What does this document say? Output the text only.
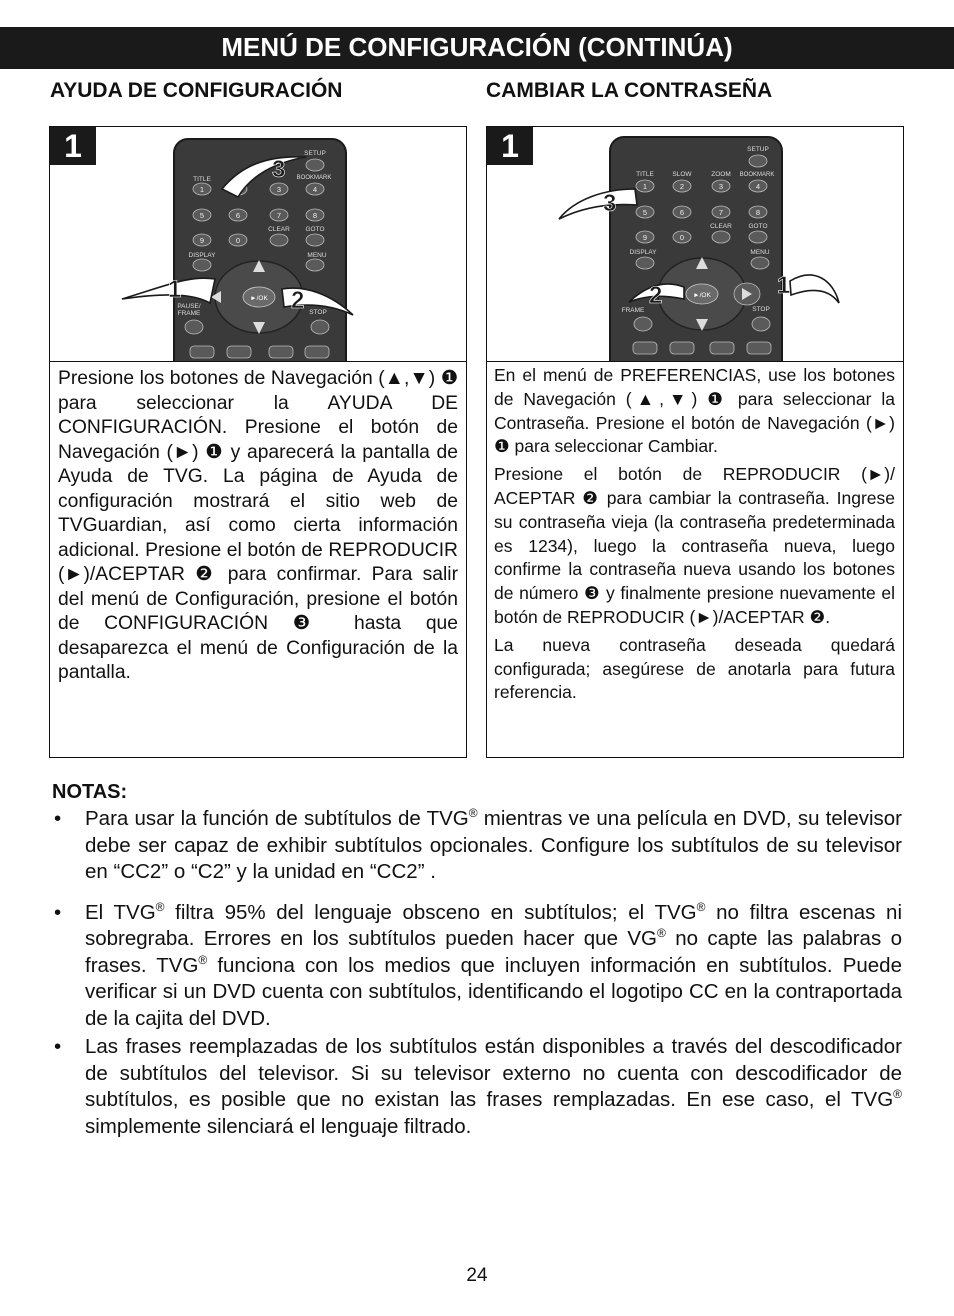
MENÚ DE CONFIGURACIÓN (CONTINÚA)
AYUDA DE CONFIGURACIÓN	CAMBIAR LA CONTRASEÑA
SETUP
TITLE	BOOKMARK
1	3	4
5	6	7	8
9	0
CLEAR GOTO
DISPLAY	MENU
►/OK
PAUSE/
FRAME	STOP
1	2
3
1
Presione los botones de Navegación (▲,▼) ❶ para seleccionar la AYUDA DE CONFIGURACIÓN. Presione el botón de Navegación (►) ❶ y aparecerá la pantalla de Ayuda de TVG. La página de Ayuda de configuración mostrará el sitio web de TVGuardian, así como cierta información adicional. Presione el botón de REPRODUCIR (►)/ACEPTAR ❷ para confirmar. Para salir del menú de Configuración, presione el botón de CONFIGURACIÓN ❸ hasta que desaparezca el menú de Configuración de la pantalla.
SETUP
TITLE	SLOW	ZOOM BOOKMARK
1	2	3	4
5	6	7	8
9	0
CLEAR	GOTO
DISPLAY	MENU
►/OK
FRAME	STOP
1
2
3
1

En el menú de PREFERENCIAS, use los botones de Navegación (▲,▼) ❶ para seleccionar la Contraseña. Presione el botón de Navegación (►) ❶ para seleccionar Cambiar.

Presione el botón de REPRODUCIR (►)/ ACEPTAR ❷ para cambiar la contraseña. Ingrese su contraseña vieja (la contraseña predeterminada es 1234), luego la contraseña nueva, luego confirme la contraseña nueva usando los botones de número ❸ y finalmente presione nuevamente el botón de REPRODUCIR (►)/ACEPTAR ❷.

La nueva contraseña deseada quedará configurada; asegúrese de anotarla para futura referencia.

NOTAS:
• Para usar la función de subtítulos de TVG® mientras ve una película en DVD, su televisor debe ser capaz de exhibir subtítulos opcionales. Configure los subtítulos de su televisor en “CC2” o “C2” y la unidad en “CC2” .
• El TVG® filtra 95% del lenguaje obsceno en subtítulos; el TVG® no filtra escenas ni sobregraba. Errores en los subtítulos pueden hacer que VG® no capte las palabras o frases. TVG® funciona con los medios que incluyen información en subtítulos. Puede verificar si un DVD cuenta con subtítulos, identificando el logotipo CC en la contraportada de la cajita del DVD.
• Las frases reemplazadas de los subtítulos están disponibles a través del descodificador de subtítulos del televisor. Si su televisor externo no cuenta con descodificador de subtítulos, es posible que no existan las frases remplazadas. En ese caso, el TVG® simplemente silenciará el lenguaje filtrado.
24
